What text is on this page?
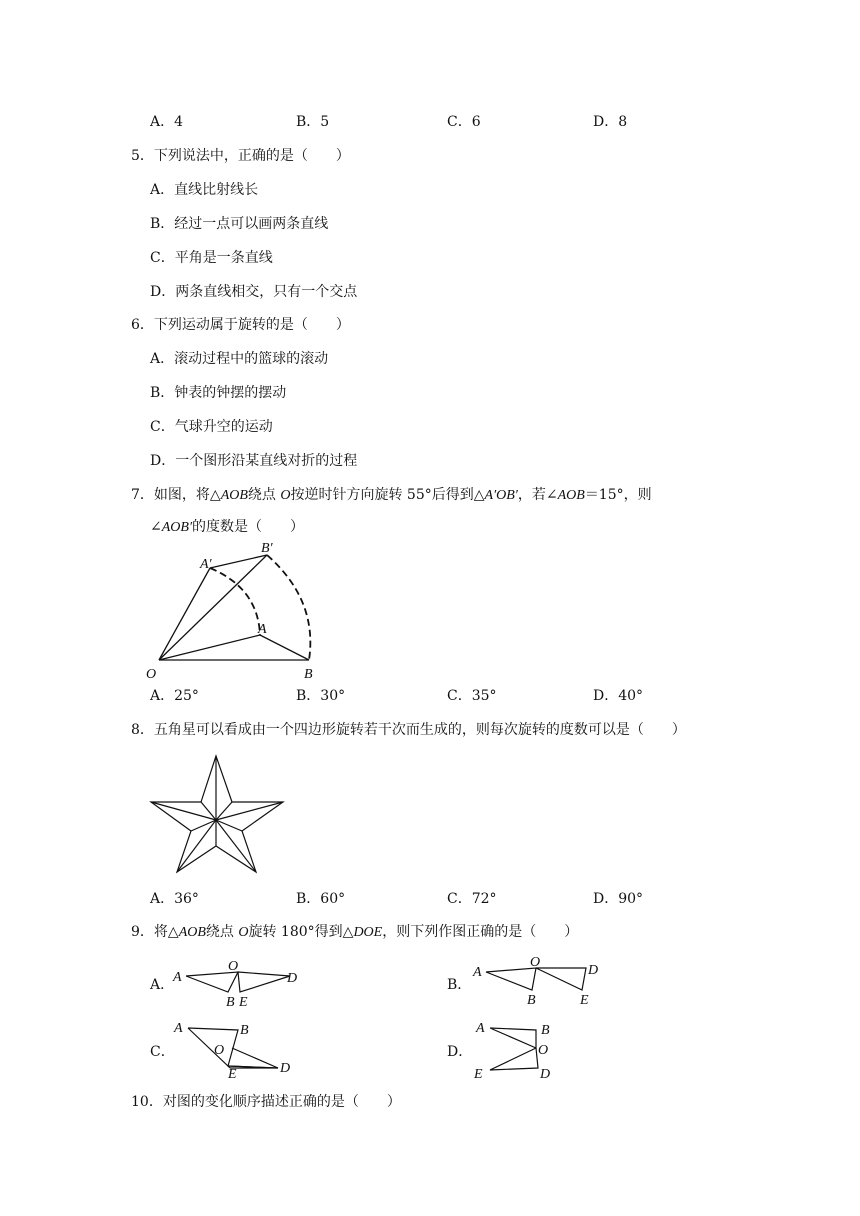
A．4	B．5	C．6	D．8
5．下列说法中，正确的是（　　）
A．直线比射线长
B．经过一点可以画两条直线
C．平角是一条直线
D．两条直线相交，只有一个交点
6．下列运动属于旋转的是（　　）
A．滚动过程中的篮球的滚动
B．钟表的钟摆的摆动
C．气球升空的运动
D．一个图形沿某直线对折的过程
7．如图，将△AOB绕点 O按逆时针方向旋转 55°后得到△A′OB′，若∠AOB＝15°，则
∠AOB′的度数是（　　）
O
A
B
A′
B′
A．25°	B．30°	C．35°	D．40°
8．五角星可以看成由一个四边形旋转若干次而生成的，则每次旋转的度数可以是（　　）
A．36°	B．60°	C．72°	D．90°
9．将△AOB绕点 O旋转 180°得到△DOE，则下列作图正确的是（　　）
A．
A
O
D
B E
B．
A
O
D
B	E
C．
A	B
O
D
E
D．
A	B
O
D
E
10．对图的变化顺序描述正确的是（　　）
